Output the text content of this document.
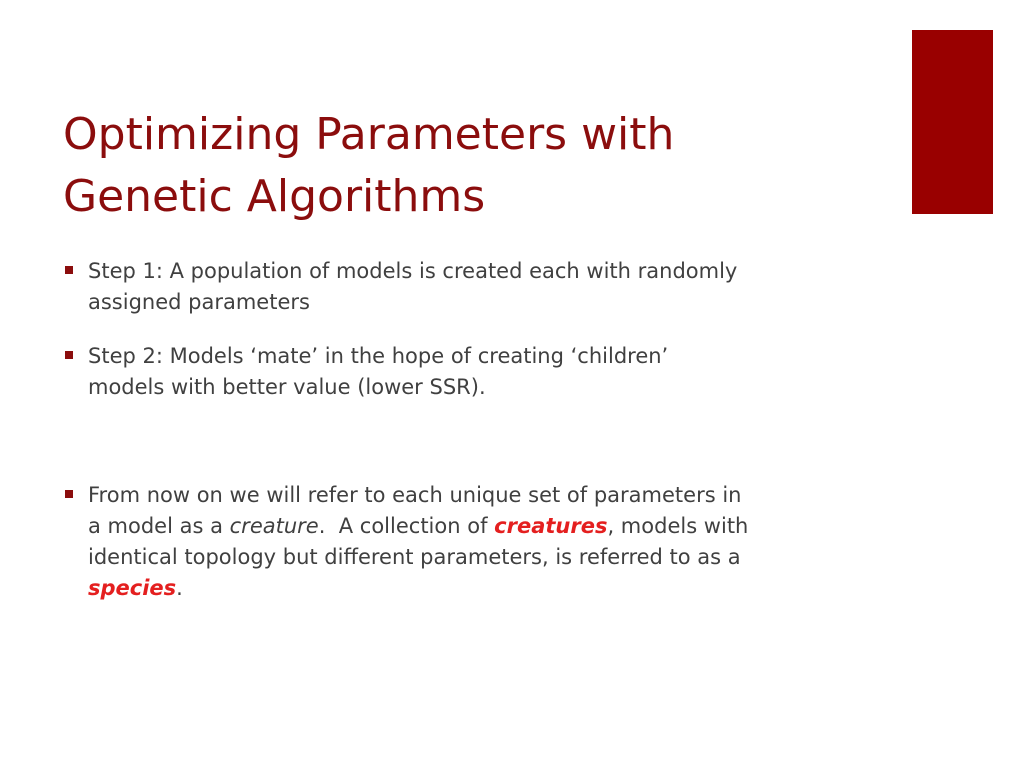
Optimizing Parameters with
Genetic Algorithms
Step 1: A population of models is created each with randomly
assigned parameters
Step 2: Models ‘mate’ in the hope of creating ‘children’
models with better value (lower SSR).
From now on we will refer to each unique set of parameters in
a model as a creature.  A collection of creatures, models with
identical topology but different parameters, is referred to as a
species.
